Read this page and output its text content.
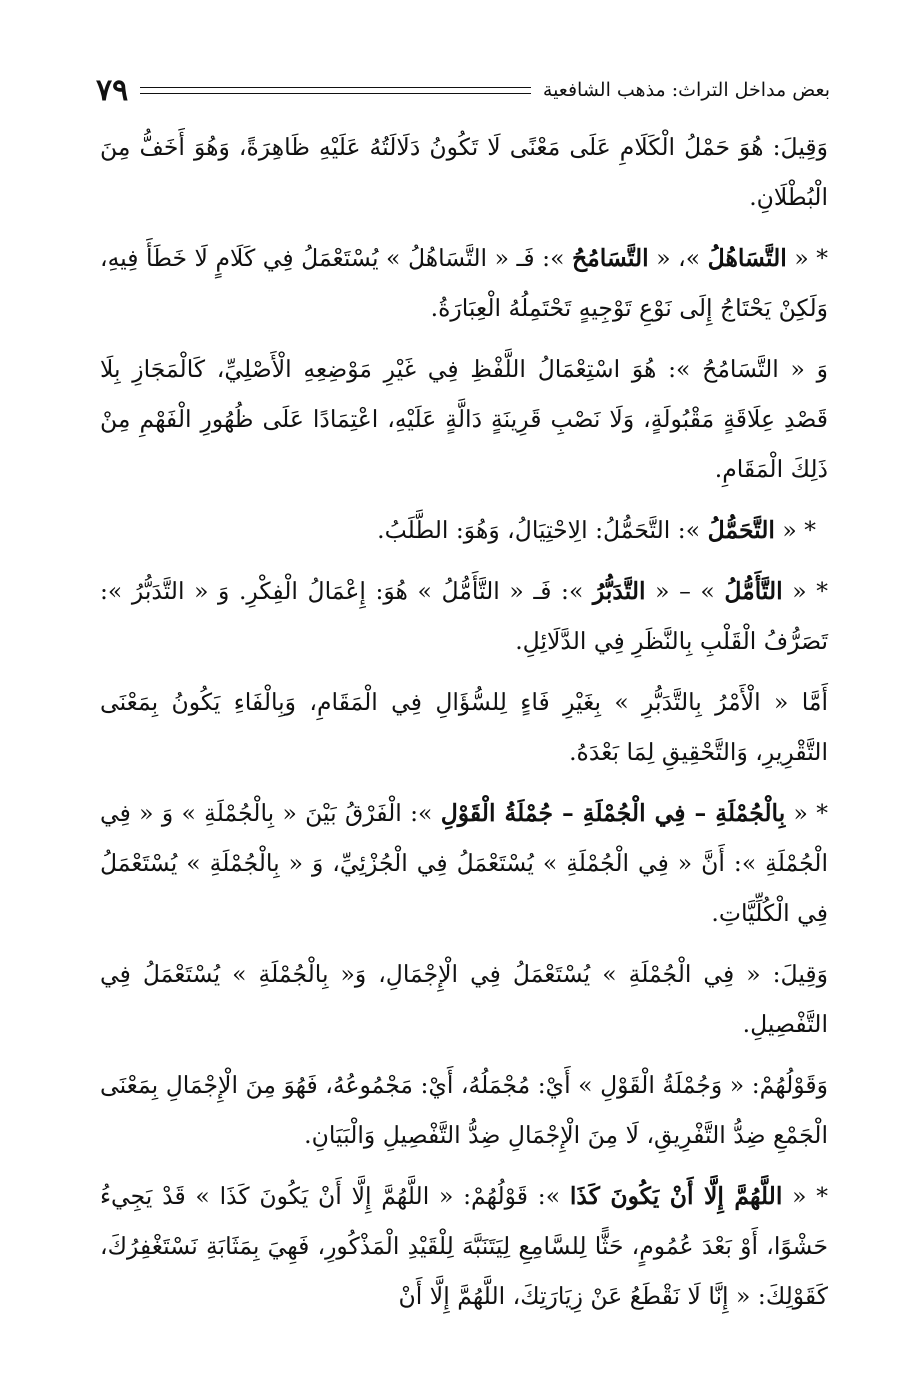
بعض مداخل التراث: مذهب الشافعية
٧٩

وَقِيلَ: هُوَ حَمْلُ الْكَلَامِ عَلَى مَعْنًى لَا تَكُونُ دَلَالَتُهُ عَلَيْهِ ظَاهِرَةً، وَهُوَ أَخَفُّ مِنَ الْبُطْلَانِ.

* « التَّسَاهُلُ »، « التَّسَامُحُ »: فَـ « التَّسَاهُلُ » يُسْتَعْمَلُ فِي كَلَامٍ لَا خَطَأَ فِيهِ، وَلَكِنْ يَحْتَاجُ إِلَى نَوْعِ تَوْجِيهٍ تَحْتَمِلُهُ الْعِبَارَةُ.

وَ « التَّسَامُحُ »: هُوَ اسْتِعْمَالُ اللَّفْظِ فِي غَيْرِ مَوْضِعِهِ الْأَصْلِيِّ، كَالْمَجَازِ بِلَا قَصْدِ عِلَاقَةٍ مَقْبُولَةٍ، وَلَا نَصْبِ قَرِينَةٍ دَالَّةٍ عَلَيْهِ، اعْتِمَادًا عَلَى ظُهُورِ الْفَهْمِ مِنْ ذَلِكَ الْمَقَامِ.

* « التَّحَمُّلُ »: التَّحَمُّلُ: الِاحْتِيَالُ، وَهُوَ: الطَّلَبُ.

* « التَّأَمُّلُ » – « التَّدَبُّرُ »: فَـ « التَّأَمُّلُ » هُوَ: إِعْمَالُ الْفِكْرِ. وَ « التَّدَبُّرُ »: تَصَرُّفُ الْقَلْبِ بِالنَّظَرِ فِي الدَّلَائِلِ.

أَمَّا « الْأَمْرُ بِالتَّدَبُّرِ » بِغَيْرِ فَاءٍ لِلسُّؤَالِ فِي الْمَقَامِ، وَبِالْفَاءِ يَكُونُ بِمَعْنَى التَّقْرِيرِ، وَالتَّحْقِيقِ لِمَا بَعْدَهُ.

* « بِالْجُمْلَةِ – فِي الْجُمْلَةِ – جُمْلَةُ الْقَوْلِ »: الْفَرْقُ بَيْنَ « بِالْجُمْلَةِ » وَ « فِي الْجُمْلَةِ »: أَنَّ « فِي الْجُمْلَةِ » يُسْتَعْمَلُ فِي الْجُزْئِيِّ، وَ « بِالْجُمْلَةِ » يُسْتَعْمَلُ فِي الْكُلِّيَّاتِ.

وَقِيلَ: « فِي الْجُمْلَةِ » يُسْتَعْمَلُ فِي الْإِجْمَالِ، وَ« بِالْجُمْلَةِ » يُسْتَعْمَلُ فِي التَّفْصِيلِ.

وَقَوْلُهُمْ: « وَجُمْلَةُ الْقَوْلِ » أَيْ: مُجْمَلُهُ، أَيْ: مَجْمُوعُهُ، فَهُوَ مِنَ الْإِجْمَالِ بِمَعْنَى الْجَمْعِ ضِدُّ التَّفْرِيقِ، لَا مِنَ الْإِجْمَالِ ضِدُّ التَّفْصِيلِ وَالْبَيَانِ.

* « اللَّهُمَّ إِلَّا أَنْ يَكُونَ كَذَا »: قَوْلُهُمْ: « اللَّهُمَّ إِلَّا أَنْ يَكُونَ كَذَا » قَدْ يَجِيءُ حَشْوًا، أَوْ بَعْدَ عُمُومٍ، حَثًّا لِلسَّامِعِ لِيَتَنَبَّهَ لِلْقَيْدِ الْمَذْكُورِ، فَهِيَ بِمَثَابَةِ نَسْتَغْفِرُكَ، كَقَوْلِكَ: « إِنَّا لَا نَقْطَعُ عَنْ زِيَارَتِكَ، اللَّهُمَّ إِلَّا أَنْ
